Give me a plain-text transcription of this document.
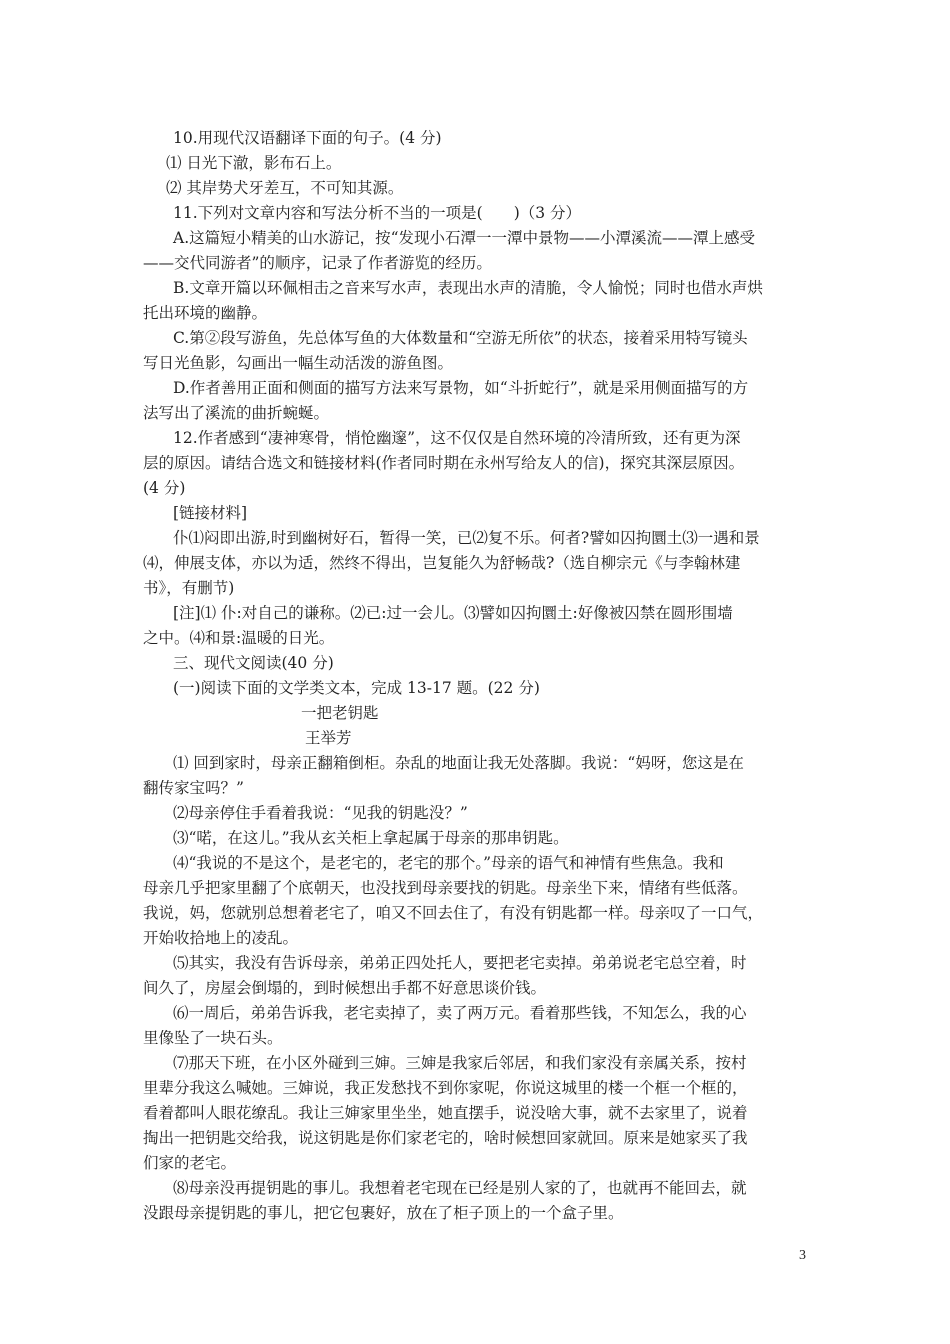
10.用现代汉语翻译下面的句子。(4 分)
⑴ 日光下澈，影布石上。
⑵ 其岸势犬牙差互，不可知其源。
11.下列对文章内容和写法分析不当的一项是(　　)（3 分）
A.这篇短小精美的山水游记，按“发现小石潭一一潭中景物——小潭溪流——潭上感受
——交代同游者”的顺序，记录了作者游览的经历。
B.文章开篇以环佩相击之音来写水声，表现出水声的清脆，令人愉悦；同时也借水声烘
托出环境的幽静。
C.第②段写游鱼，先总体写鱼的大体数量和“空游无所依”的状态，接着采用特写镜头
写日光鱼影，勾画出一幅生动活泼的游鱼图。
D.作者善用正面和侧面的描写方法来写景物，如“斗折蛇行”，就是采用侧面描写的方
法写出了溪流的曲折蜿蜒。
12.作者感到“凄神寒骨，悄怆幽邃”，这不仅仅是自然环境的冷清所致，还有更为深
层的原因。请结合选文和链接材料(作者同时期在永州写给友人的信)，探究其深层原因。
(4 分)
[链接材料]
仆⑴闷即出游,时到幽树好石，暂得一笑，已⑵复不乐。何者?譬如囚拘圜土⑶一遇和景
⑷，伸展支体，亦以为适，然终不得出，岂复能久为舒畅哉?（选自柳宗元《与李翰林建
书》，有删节)
[注]⑴ 仆:对自己的谦称。⑵已:过一会儿。⑶譬如囚拘圜土:好像被囚禁在圆形围墙
之中。⑷和景:温暖的日光。
三、现代文阅读(40 分)
(一)阅读下面的文学类文本，完成 13-17 题。(22 分)
一把老钥匙
王举芳
⑴ 回到家时，母亲正翻箱倒柜。杂乱的地面让我无处落脚。我说：“妈呀，您这是在
翻传家宝吗？”
⑵母亲停住手看着我说：“见我的钥匙没？”
⑶“喏，在这儿。”我从玄关柜上拿起属于母亲的那串钥匙。
⑷“我说的不是这个，是老宅的，老宅的那个。”母亲的语气和神情有些焦急。我和
母亲几乎把家里翻了个底朝天，也没找到母亲要找的钥匙。母亲坐下来，情绪有些低落。
我说，妈，您就别总想着老宅了，咱又不回去住了，有没有钥匙都一样。母亲叹了一口气，
开始收拾地上的凌乱。
⑸其实，我没有告诉母亲，弟弟正四处托人，要把老宅卖掉。弟弟说老宅总空着，时
间久了，房屋会倒塌的，到时候想出手都不好意思谈价钱。
⑹一周后，弟弟告诉我，老宅卖掉了，卖了两万元。看着那些钱，不知怎么，我的心
里像坠了一块石头。
⑺那天下班，在小区外碰到三婶。三婶是我家后邻居，和我们家没有亲属关系，按村
里辈分我这么喊她。三婶说，我正发愁找不到你家呢，你说这城里的楼一个框一个框的，
看着都叫人眼花缭乱。我让三婶家里坐坐，她直摆手，说没啥大事，就不去家里了，说着
掏出一把钥匙交给我，说这钥匙是你们家老宅的，啥时候想回家就回。原来是她家买了我
们家的老宅。
⑻母亲没再提钥匙的事儿。我想着老宅现在已经是别人家的了，也就再不能回去，就
没跟母亲提钥匙的事儿，把它包裹好，放在了柜子顶上的一个盒子里。
3
